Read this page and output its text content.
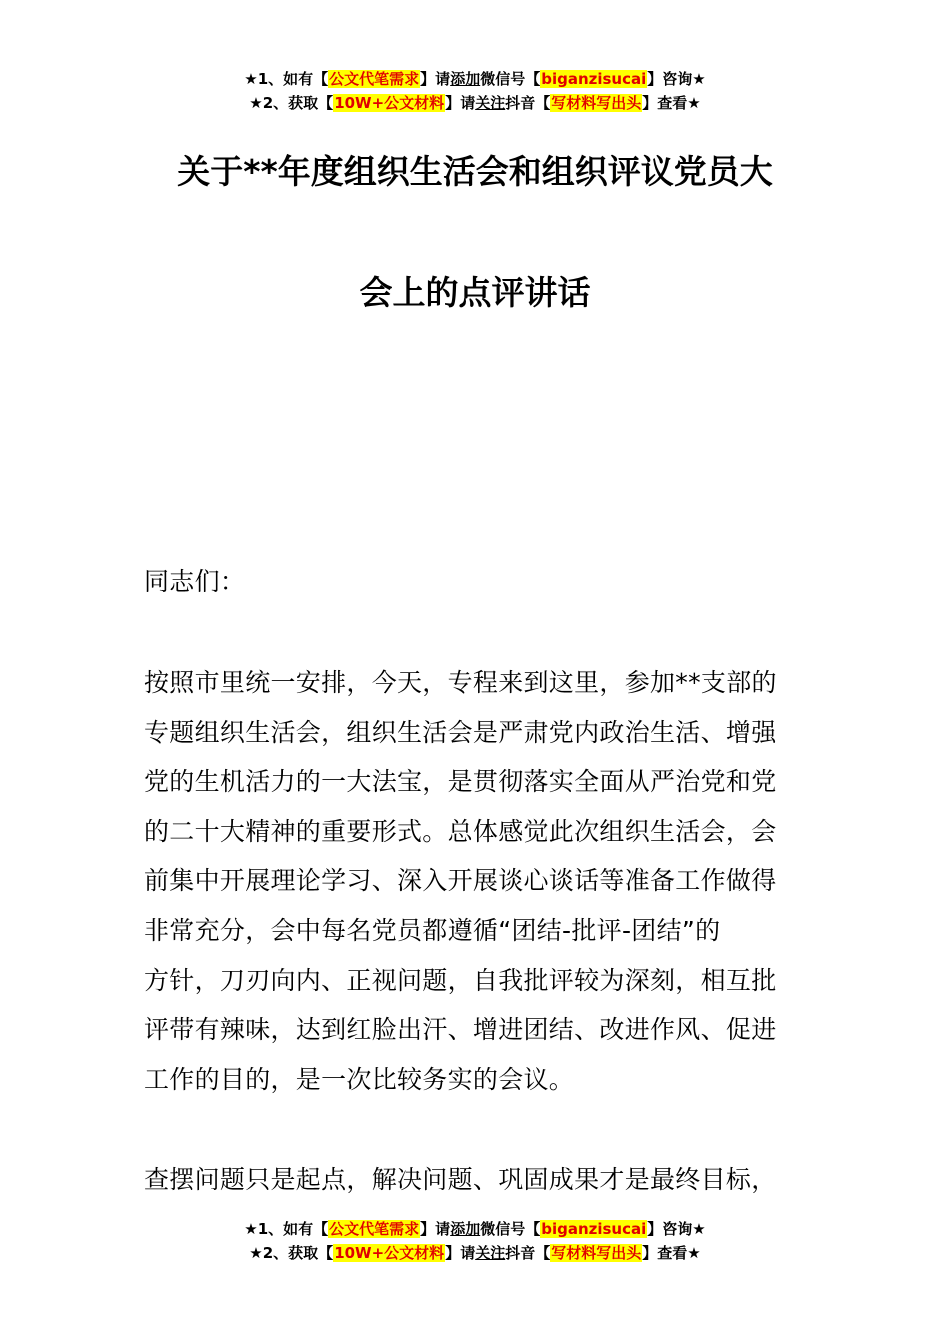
★1、如有【公文代笔需求】请添加微信号【biganzisucai】咨询★
★2、获取【10W+公文材料】请关注抖音【写材料写出头】查看★
关于**年度组织生活会和组织评议党员大
会上的点评讲话
同志们：
按照市里统一安排，今天，专程来到这里，参加**支部的
专题组织生活会，组织生活会是严肃党内政治生活、增强
党的生机活力的一大法宝，是贯彻落实全面从严治党和党
的二十大精神的重要形式。总体感觉此次组织生活会，会
前集中开展理论学习、深入开展谈心谈话等准备工作做得
非常充分，会中每名党员都遵循“团结-批评-团结”的
方针，刀刃向内、正视问题，自我批评较为深刻，相互批
评带有辣味，达到红脸出汗、增进团结、改进作风、促进
工作的目的，是一次比较务实的会议。
查摆问题只是起点，解决问题、巩固成果才是最终目标，
★1、如有【公文代笔需求】请添加微信号【biganzisucai】咨询★
★2、获取【10W+公文材料】请关注抖音【写材料写出头】查看★
